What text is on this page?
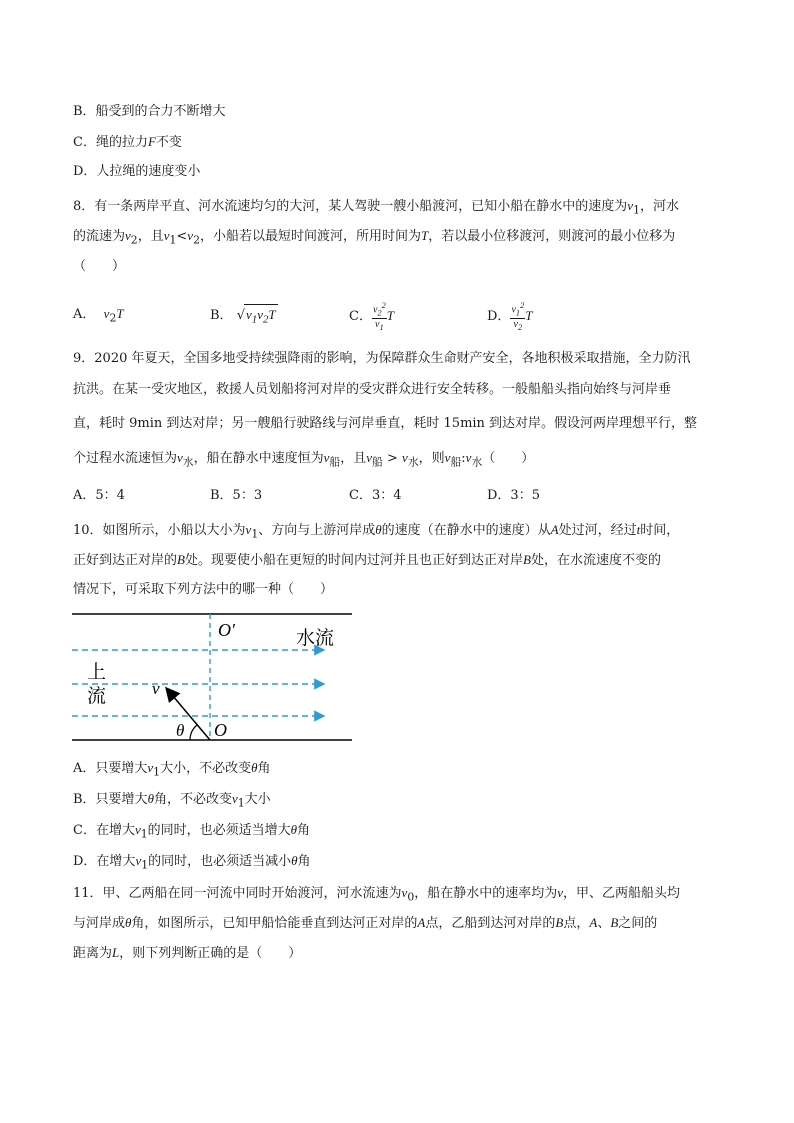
B．船受到的合力不断增大
C．绳的拉力F不变
D．人拉绳的速度变小
8．有一条两岸平直、河水流速均匀的大河，某人驾驶一艘小船渡河，已知小船在静水中的速度为$v_1$，河水
的流速为$v_2$，且$v_1<v_2$，小船若以最短时间渡河，所用时间为T，若以最小位移渡河，则渡河的最小位移为
（　　）
A． $v_2T$	B． $√v_1v_2T$	C． $\frac{v_2^2}{v_1}$ T	D． $\frac{v_1^2}{v_2}$ T
9．2020 年夏天，全国多地受持续强降雨的影响，为保障群众生命财产安全，各地积极采取措施，全力防汛
抗洪。在某一受灾地区，救援人员划船将河对岸的受灾群众进行安全转移。一般船船头指向始终与河岸垂
直，耗时 9min 到达对岸；另一艘船行驶路线与河岸垂直，耗时 15min 到达对岸。假设河两岸理想平行，整
个过程水流速恒为$v_水$，船在静水中速度恒为$v_船$，且$v_船 > v_水$，则$v_船:v_水$（　　）
A．5：4	B．5：3	C．3：4	D．3：5
10．如图所示，小船以大小为$v_1$、方向与上游河岸成θ的速度（在静水中的速度）从A处过河，经过t时间，
正好到达正对岸的B处。现要使小船在更短的时间内过河并且也正好到达正对岸B处，在水流速度不变的
情况下，可采取下列方法中的哪一种（　　）
O′	水流
上
流	v
θ O
A．只要增大$v_1$大小，不必改变θ角
B．只要增大θ角，不必改变$v_1$大小
C．在增大$v_1$的同时，也必须适当增大θ角
D．在增大$v_1$的同时，也必须适当减小θ角
11．甲、乙两船在同一河流中同时开始渡河，河水流速为$v_0$，船在静水中的速率均为v，甲、乙两船船头均
与河岸成θ角，如图所示，已知甲船恰能垂直到达河正对岸的A点，乙船到达河对岸的B点，A、B之间的
距离为L，则下列判断正确的是（　　）
